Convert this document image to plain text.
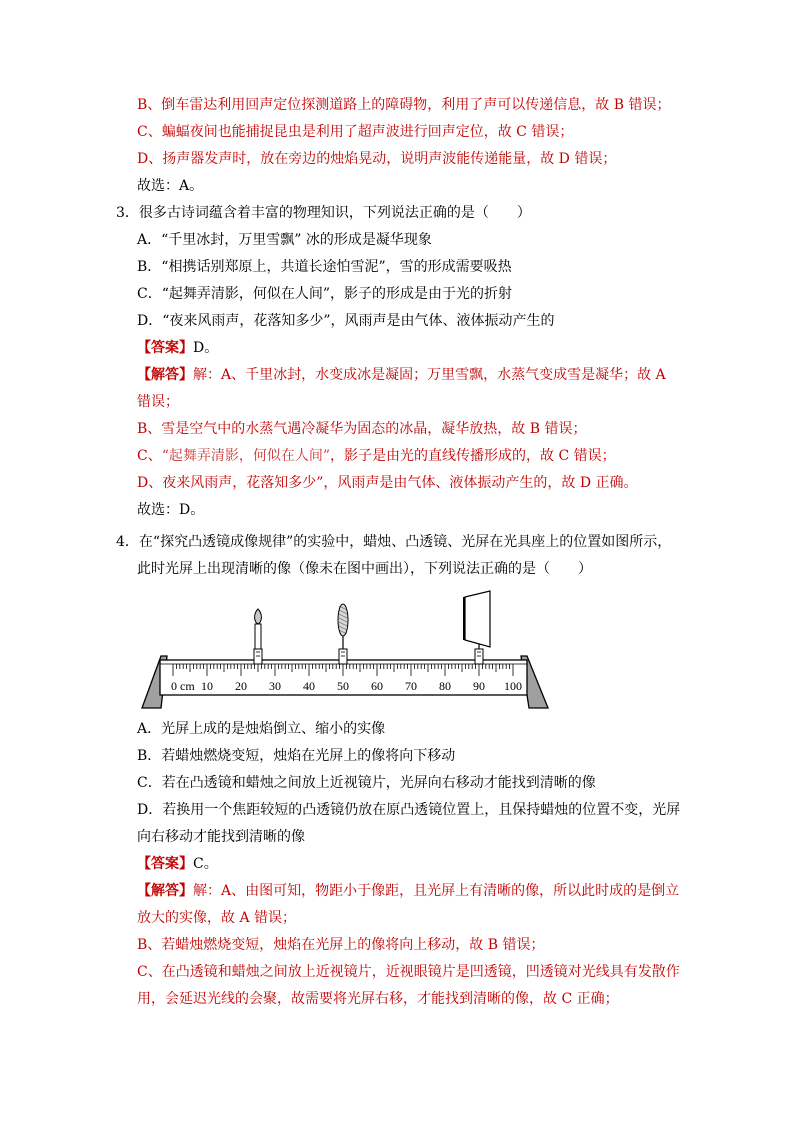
B、倒车雷达利用回声定位探测道路上的障碍物，利用了声可以传递信息，故 B 错误；
C、蝙蝠夜间也能捕捉昆虫是利用了超声波进行回声定位，故 C 错误；
D、扬声器发声时，放在旁边的烛焰晃动，说明声波能传递能量，故 D 错误；
故选：A。
3．很多古诗词蕴含着丰富的物理知识，下列说法正确的是（　　）
A．“千里冰封，万里雪飘” 冰的形成是凝华现象
B．“相携话别郑原上，共道长途怕雪泥”，雪的形成需要吸热
C．“起舞弄清影，何似在人间”，影子的形成是由于光的折射
D．“夜来风雨声，花落知多少”，风雨声是由气体、液体振动产生的
【答案】D。
【解答】解：A、千里冰封，水变成冰是凝固；万里雪飘，水蒸气变成雪是凝华；故 A
错误；
B、雪是空气中的水蒸气遇冷凝华为固态的冰晶，凝华放热，故 B 错误；
C、“起舞弄清影，何似在人间”，影子是由光的直线传播形成的，故 C 错误；
D、夜来风雨声，花落知多少”，风雨声是由气体、液体振动产生的，故 D 正确。
故选：D。
4．在“探究凸透镜成像规律”的实验中，蜡烛、凸透镜、光屏在光具座上的位置如图所示，
此时光屏上出现清晰的像（像未在图中画出），下列说法正确的是（　　）
0 cm 10 20 30 40 50 60 70 80 90 100
A．光屏上成的是烛焰倒立、缩小的实像
B．若蜡烛燃烧变短，烛焰在光屏上的像将向下移动
C．若在凸透镜和蜡烛之间放上近视镜片，光屏向右移动才能找到清晰的像
D．若换用一个焦距较短的凸透镜仍放在原凸透镜位置上，且保持蜡烛的位置不变，光屏
向右移动才能找到清晰的像
【答案】C。
【解答】解：A、由图可知，物距小于像距，且光屏上有清晰的像，所以此时成的是倒立
放大的实像，故 A 错误；
B、若蜡烛燃烧变短，烛焰在光屏上的像将向上移动，故 B 错误；
C、在凸透镜和蜡烛之间放上近视镜片，近视眼镜片是凹透镜，凹透镜对光线具有发散作
用，会延迟光线的会聚，故需要将光屏右移，才能找到清晰的像，故 C 正确；
